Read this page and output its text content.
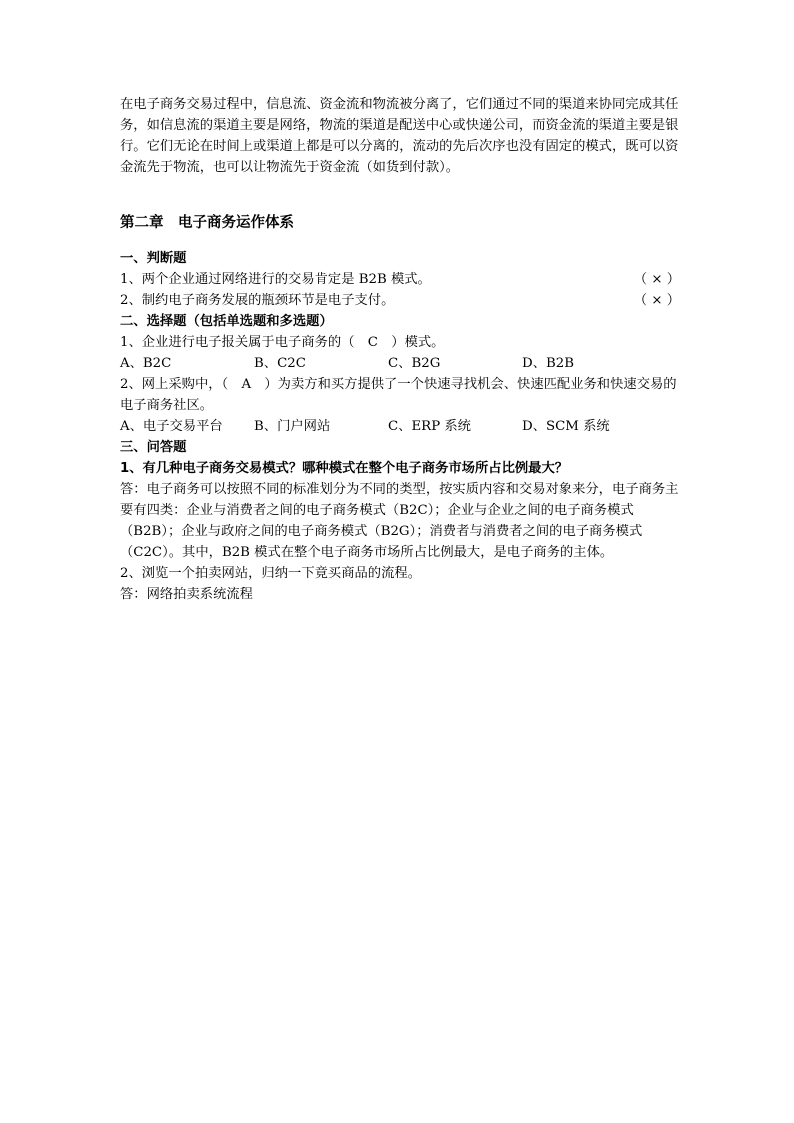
在电子商务交易过程中，信息流、资金流和物流被分离了，它们通过不同的渠道来协同完成其任务，如信息流的渠道主要是网络，物流的渠道是配送中心或快递公司，而资金流的渠道主要是银行。它们无论在时间上或渠道上都是可以分离的，流动的先后次序也没有固定的模式，既可以资金流先于物流，也可以让物流先于资金流（如货到付款）。

第二章　电子商务运作体系

一、判断题

1、两个企业通过网络进行的交易肯定是 B2B 模式。	（ × ）
2、制约电子商务发展的瓶颈环节是电子支付。	（ × ）

二、选择题（包括单选题和多选题）

1、企业进行电子报关属于电子商务的（　C　）模式。

A、B2C	B、C2C	C、B2G	D、B2B

2、网上采购中，（　A　）为卖方和买方提供了一个快速寻找机会、快速匹配业务和快速交易的电子商务社区。

A、电子交易平台	B、门户网站	C、ERP 系统	D、SCM 系统

三、问答题

1、有几种电子商务交易模式？哪种模式在整个电子商务市场所占比例最大？

答：电子商务可以按照不同的标准划分为不同的类型，按实质内容和交易对象来分，电子商务主要有四类：企业与消费者之间的电子商务模式（B2C）；企业与企业之间的电子商务模式（B2B）；企业与政府之间的电子商务模式（B2G）；消费者与消费者之间的电子商务模式（C2C）。其中，B2B 模式在整个电子商务市场所占比例最大，是电子商务的主体。

2、浏览一个拍卖网站，归纳一下竟买商品的流程。

答：网络拍卖系统流程
